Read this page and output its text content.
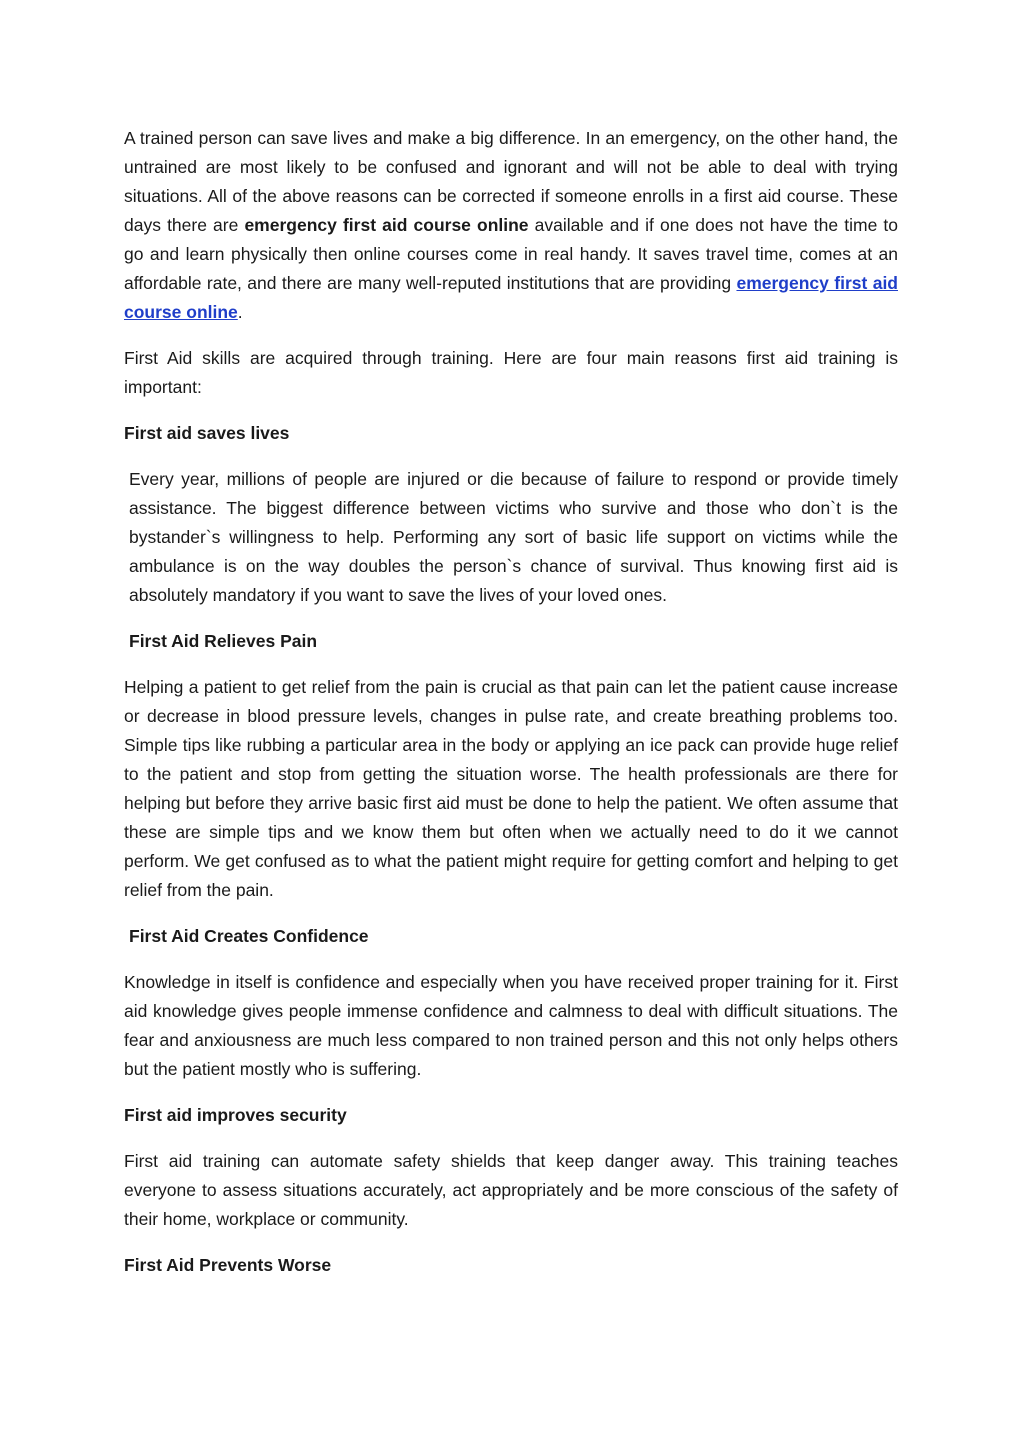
A trained person can save lives and make a big difference. In an emergency, on the other hand, the untrained are most likely to be confused and ignorant and will not be able to deal with trying situations. All of the above reasons can be corrected if someone enrolls in a first aid course. These days there are emergency first aid course online available and if one does not have the time to go and learn physically then online courses come in real handy. It saves travel time, comes at an affordable rate, and there are many well-reputed institutions that are providing emergency first aid course online.

First Aid skills are acquired through training. Here are four main reasons first aid training is important:

First aid saves lives

Every year, millions of people are injured or die because of failure to respond or provide timely assistance. The biggest difference between victims who survive and those who don`t is the bystander`s willingness to help. Performing any sort of basic life support on victims while the ambulance is on the way doubles the person`s chance of survival. Thus knowing first aid is absolutely mandatory if you want to save the lives of your loved ones.

First Aid Relieves Pain

Helping a patient to get relief from the pain is crucial as that pain can let the patient cause increase or decrease in blood pressure levels, changes in pulse rate, and create breathing problems too. Simple tips like rubbing a particular area in the body or applying an ice pack can provide huge relief to the patient and stop from getting the situation worse. The health professionals are there for helping but before they arrive basic first aid must be done to help the patient. We often assume that these are simple tips and we know them but often when we actually need to do it we cannot perform. We get confused as to what the patient might require for getting comfort and helping to get relief from the pain.

First Aid Creates Confidence

Knowledge in itself is confidence and especially when you have received proper training for it. First aid knowledge gives people immense confidence and calmness to deal with difficult situations. The fear and anxiousness are much less compared to non trained person and this not only helps others but the patient mostly who is suffering.

First aid improves security

First aid training can automate safety shields that keep danger away. This training teaches everyone to assess situations accurately, act appropriately and be more conscious of the safety of their home, workplace or community.

First Aid Prevents Worse
